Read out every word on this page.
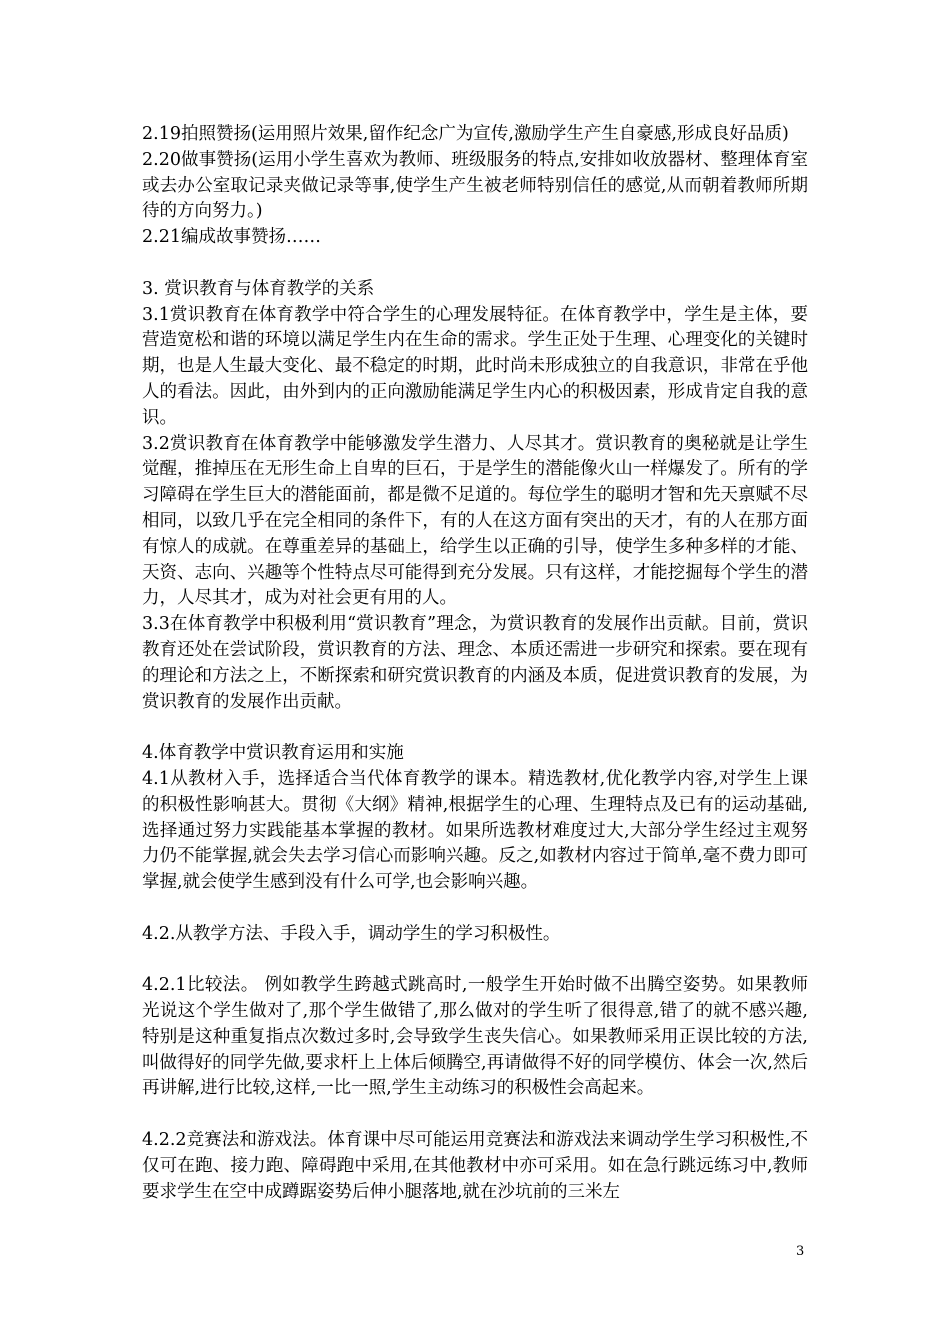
2.19拍照赞扬(运用照片效果,留作纪念广为宣传,激励学生产生自豪感,形成良好品质)

2.20做事赞扬(运用小学生喜欢为教师、班级服务的特点,安排如收放器材、整理体育室或去办公室取记录夹做记录等事,使学生产生被老师特别信任的感觉,从而朝着教师所期待的方向努力。)

2.21编成故事赞扬……

3. 赏识教育与体育教学的关系

3.1赏识教育在体育教学中符合学生的心理发展特征。在体育教学中，学生是主体，要营造宽松和谐的环境以满足学生内在生命的需求。学生正处于生理、心理变化的关键时期，也是人生最大变化、最不稳定的时期，此时尚未形成独立的自我意识，非常在乎他人的看法。因此，由外到内的正向激励能满足学生内心的积极因素，形成肯定自我的意识。

3.2赏识教育在体育教学中能够激发学生潜力、人尽其才。赏识教育的奥秘就是让学生觉醒，推掉压在无形生命上自卑的巨石，于是学生的潜能像火山一样爆发了。所有的学习障碍在学生巨大的潜能面前，都是微不足道的。每位学生的聪明才智和先天禀赋不尽相同，以致几乎在完全相同的条件下，有的人在这方面有突出的天才，有的人在那方面有惊人的成就。在尊重差异的基础上，给学生以正确的引导，使学生多种多样的才能、天资、志向、兴趣等个性特点尽可能得到充分发展。只有这样，才能挖掘每个学生的潜力，人尽其才，成为对社会更有用的人。

3.3在体育教学中积极利用“赏识教育”理念，为赏识教育的发展作出贡献。目前，赏识教育还处在尝试阶段，赏识教育的方法、理念、本质还需进一步研究和探索。要在现有的理论和方法之上，不断探索和研究赏识教育的内涵及本质，促进赏识教育的发展，为赏识教育的发展作出贡献。

4.体育教学中赏识教育运用和实施

4.1从教材入手，选择适合当代体育教学的课本。精选教材,优化教学内容,对学生上课的积极性影响甚大。贯彻《大纲》精神,根据学生的心理、生理特点及已有的运动基础,选择通过努力实践能基本掌握的教材。如果所选教材难度过大,大部分学生经过主观努力仍不能掌握,就会失去学习信心而影响兴趣。反之,如教材内容过于简单,毫不费力即可掌握,就会使学生感到没有什么可学,也会影响兴趣。

4.2.从教学方法、手段入手，调动学生的学习积极性。

4.2.1比较法。 例如教学生跨越式跳高时,一般学生开始时做不出腾空姿势。如果教师光说这个学生做对了,那个学生做错了,那么做对的学生听了很得意,错了的就不感兴趣,特别是这种重复指点次数过多时,会导致学生丧失信心。如果教师采用正误比较的方法,叫做得好的同学先做,要求杆上上体后倾腾空,再请做得不好的同学模仿、体会一次,然后再讲解,进行比较,这样,一比一照,学生主动练习的积极性会高起来。

4.2.2竞赛法和游戏法。体育课中尽可能运用竞赛法和游戏法来调动学生学习积极性,不仅可在跑、接力跑、障碍跑中采用,在其他教材中亦可采用。如在急行跳远练习中,教师要求学生在空中成蹲踞姿势后伸小腿落地,就在沙坑前的三米左

3
